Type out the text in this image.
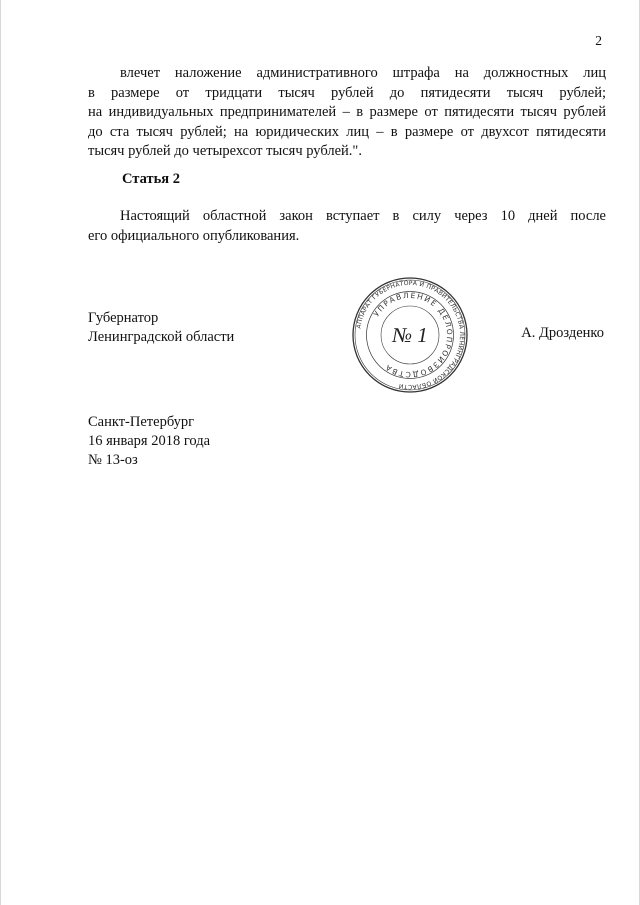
2
влечет наложение административного штрафа на должностных лиц
в размере от тридцати тысяч рублей до пятидесяти тысяч рублей;
на индивидуальных предпринимателей – в размере от пятидесяти тысяч рублей
до ста тысяч рублей; на юридических лиц – в размере от двухсот пятидесяти
тысяч рублей до четырехсот тысяч рублей.".
Статья 2
Настоящий областной закон вступает в силу через 10 дней после
его официального опубликования.
Губернатор
Ленинградской области
АППАРАТ ГУБЕРНАТОРА И ПРАВИТЕЛЬСТВА ЛЕНИНГРАДСКОЙ ОБЛАСТИ
УПРАВЛЕНИЕ ДЕЛОПРОИЗВОДСТВА
№ 1	А. Дрозденко
Санкт-Петербург
16 января 2018 года
№ 13-оз
